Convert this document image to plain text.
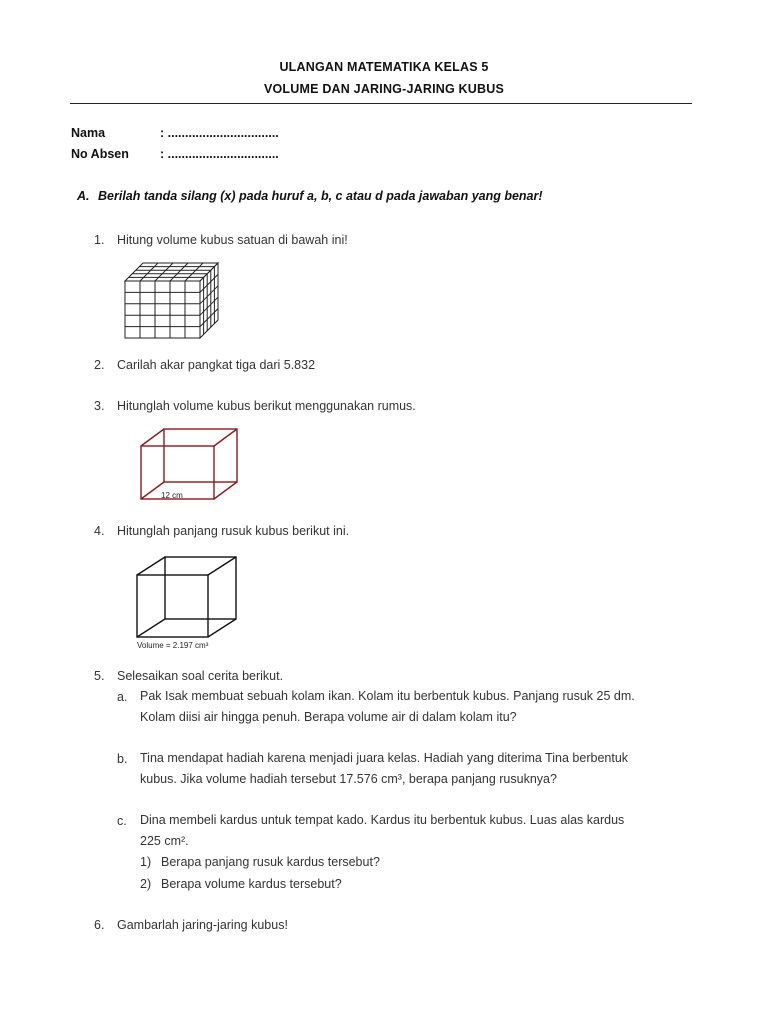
ULANGAN MATEMATIKA KELAS 5
VOLUME DAN JARING-JARING KUBUS
Nama	: ................................
No Absen : ................................
A. Berilah tanda silang (x) pada huruf a, b, c atau d pada jawaban yang benar!
1. Hitung volume kubus satuan di bawah ini!
2. Carilah akar pangkat tiga dari 5.832
3. Hitunglah volume kubus berikut menggunakan rumus.
12 cm
4. Hitunglah panjang rusuk kubus berikut ini.
Volume = 2.197 cm³
5. Selesaikan soal cerita berikut.
a. Pak Isak membuat sebuah kolam ikan. Kolam itu berbentuk kubus. Panjang rusuk 25 dm.
Kolam diisi air hingga penuh. Berapa volume air di dalam kolam itu?
b. Tina mendapat hadiah karena menjadi juara kelas. Hadiah yang diterima Tina berbentuk
kubus. Jika volume hadiah tersebut 17.576 cm³, berapa panjang rusuknya?
c. Dina membeli kardus untuk tempat kado. Kardus itu berbentuk kubus. Luas alas kardus
225 cm².
1) Berapa panjang rusuk kardus tersebut?
2) Berapa volume kardus tersebut?
6. Gambarlah jaring-jaring kubus!
